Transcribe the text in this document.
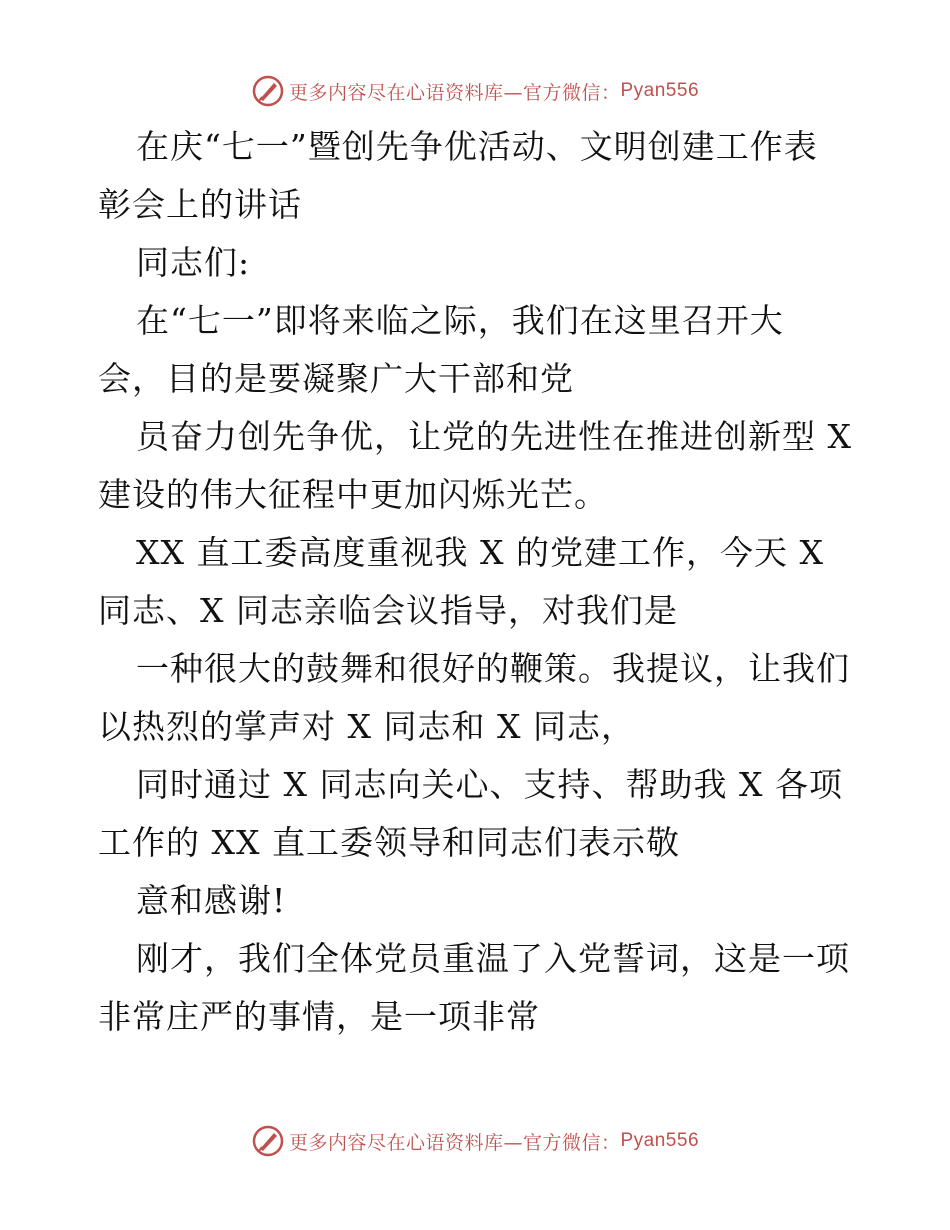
更多内容尽在心语资料库 —官方微信： Pyan556
在庆“七一”暨创先争优活动、文明创建工作表
彰会上的讲话
同志们:
在“七一”即将来临之际，我们在这里召开大
会，目的是要凝聚广大干部和党
员奋力创先争优，让党的先进性在推进创新型 X
建设的伟大征程中更加闪烁光芒。
XX 直工委高度重视我 X 的党建工作，今天 X
同志、X 同志亲临会议指导，对我们是
一种很大的鼓舞和很好的鞭策。我提议，让我们
以热烈的掌声对 X 同志和 X 同志，
同时通过 X 同志向关心、支持、帮助我 X 各项
工作的 XX 直工委领导和同志们表示敬
意和感谢!
刚才，我们全体党员重温了入党誓词，这是一项
非常庄严的事情，是一项非常
更多内容尽在心语资料库 —官方微信： Pyan556
